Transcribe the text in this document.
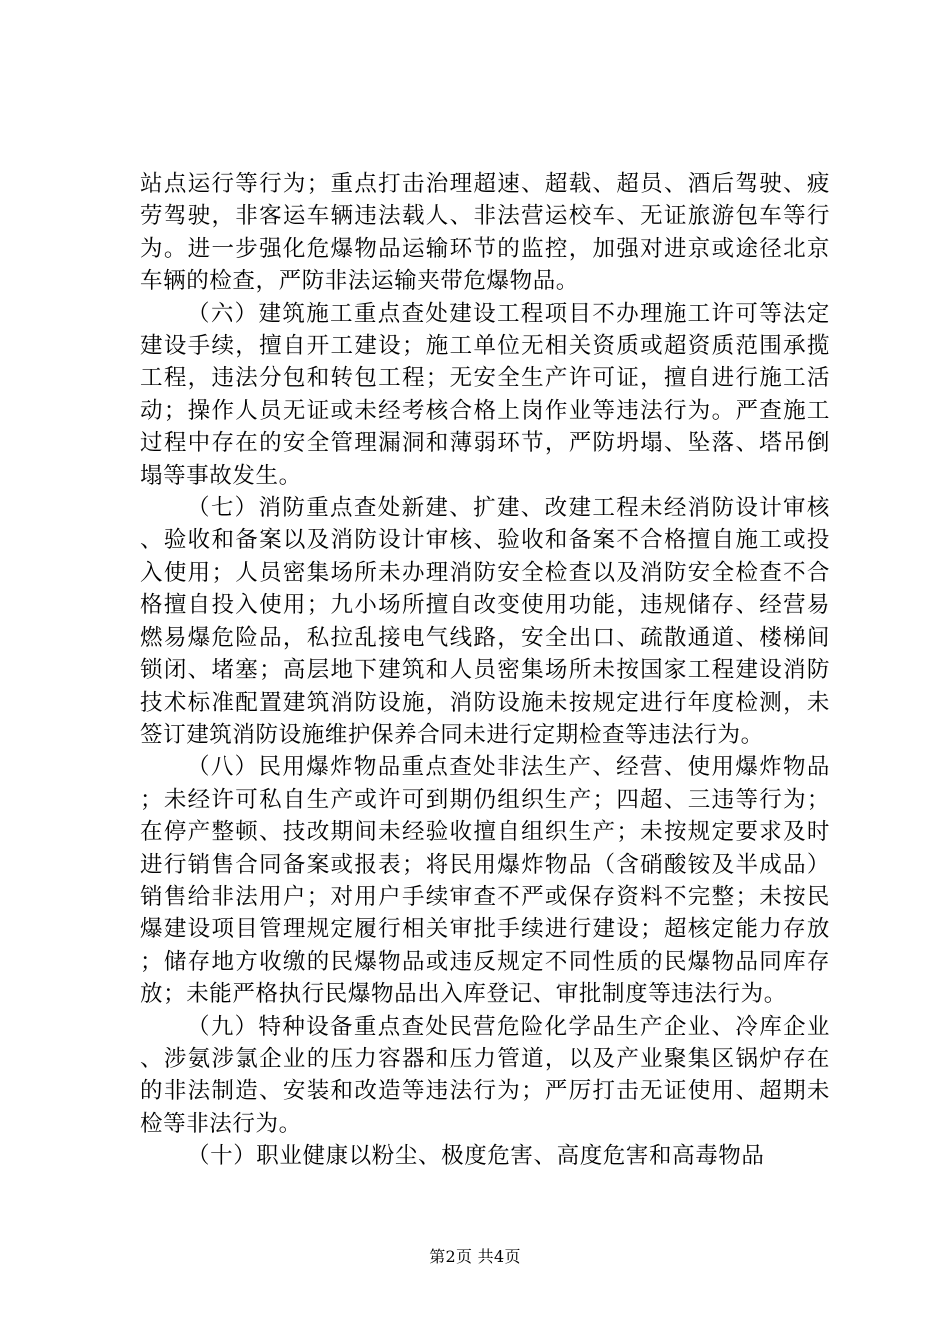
站点运行等行为；重点打击治理超速、超载、超员、酒后驾驶、疲劳驾驶，非客运车辆违法载人、非法营运校车、无证旅游包车等行为。进一步强化危爆物品运输环节的监控，加强对进京或途径北京车辆的检查，严防非法运输夹带危爆物品。

（六）建筑施工重点查处建设工程项目不办理施工许可等法定建设手续，擅自开工建设；施工单位无相关资质或超资质范围承揽工程，违法分包和转包工程；无安全生产许可证，擅自进行施工活动；操作人员无证或未经考核合格上岗作业等违法行为。严查施工过程中存在的安全管理漏洞和薄弱环节，严防坍塌、坠落、塔吊倒塌等事故发生。

（七）消防重点查处新建、扩建、改建工程未经消防设计审核、验收和备案以及消防设计审核、验收和备案不合格擅自施工或投入使用；人员密集场所未办理消防安全检查以及消防安全检查不合格擅自投入使用；九小场所擅自改变使用功能，违规储存、经营易燃易爆危险品，私拉乱接电气线路，安全出口、疏散通道、楼梯间锁闭、堵塞；高层地下建筑和人员密集场所未按国家工程建设消防技术标准配置建筑消防设施，消防设施未按规定进行年度检测，未签订建筑消防设施维护保养合同未进行定期检查等违法行为。

（八）民用爆炸物品重点查处非法生产、经营、使用爆炸物品；未经许可私自生产或许可到期仍组织生产；四超、三违等行为；在停产整顿、技改期间未经验收擅自组织生产；未按规定要求及时进行销售合同备案或报表；将民用爆炸物品（含硝酸铵及半成品）销售给非法用户；对用户手续审查不严或保存资料不完整；未按民爆建设项目管理规定履行相关审批手续进行建设；超核定能力存放；储存地方收缴的民爆物品或违反规定不同性质的民爆物品同库存放；未能严格执行民爆物品出入库登记、审批制度等违法行为。

（九）特种设备重点查处民营危险化学品生产企业、冷库企业、涉氨涉氯企业的压力容器和压力管道，以及产业聚集区锅炉存在的非法制造、安装和改造等违法行为；严厉打击无证使用、超期未检等非法行为。

（十）职业健康以粉尘、极度危害、高度危害和高毒物品

第2页 共4页
